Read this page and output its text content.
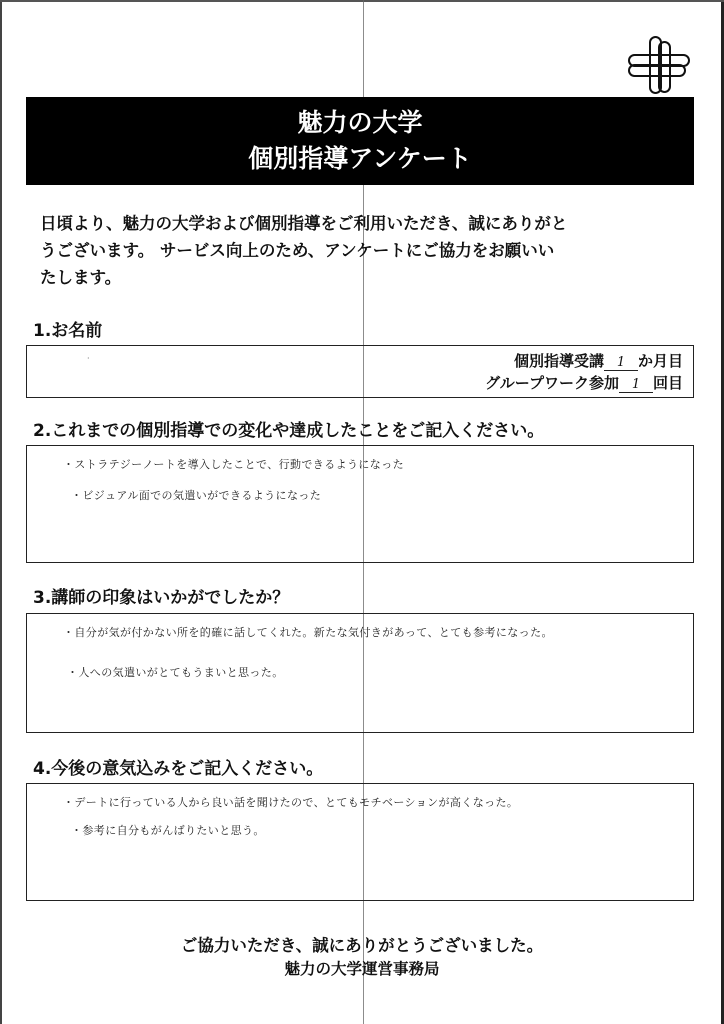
魅力の大学
個別指導アンケート
日頃より、魅力の大学および個別指導をご利用いただき、誠にありがと
うございます。 サービス向上のため、アンケートにご協力をお願いい
たします。
1.お名前
·	個別指導受講 1 か月目
グループワーク参加 1 回目
2.これまでの個別指導での変化や達成したことをご記入ください。
・ストラテジーノートを導入したことで、行動できるようになった
・ビジュアル面での気遣いができるようになった
3.講師の印象はいかがでしたか？
・自分が気が付かない所を的確に話してくれた。新たな気付きがあって、とても参考になった。
・人への気遣いがとてもうまいと思った。
4.今後の意気込みをご記入ください。
・デートに行っている人から良い話を聞けたので、とてもモチベーションが高くなった。
・参考に自分もがんばりたいと思う。
ご協力いただき、誠にありがとうございました。
魅力の大学運営事務局
